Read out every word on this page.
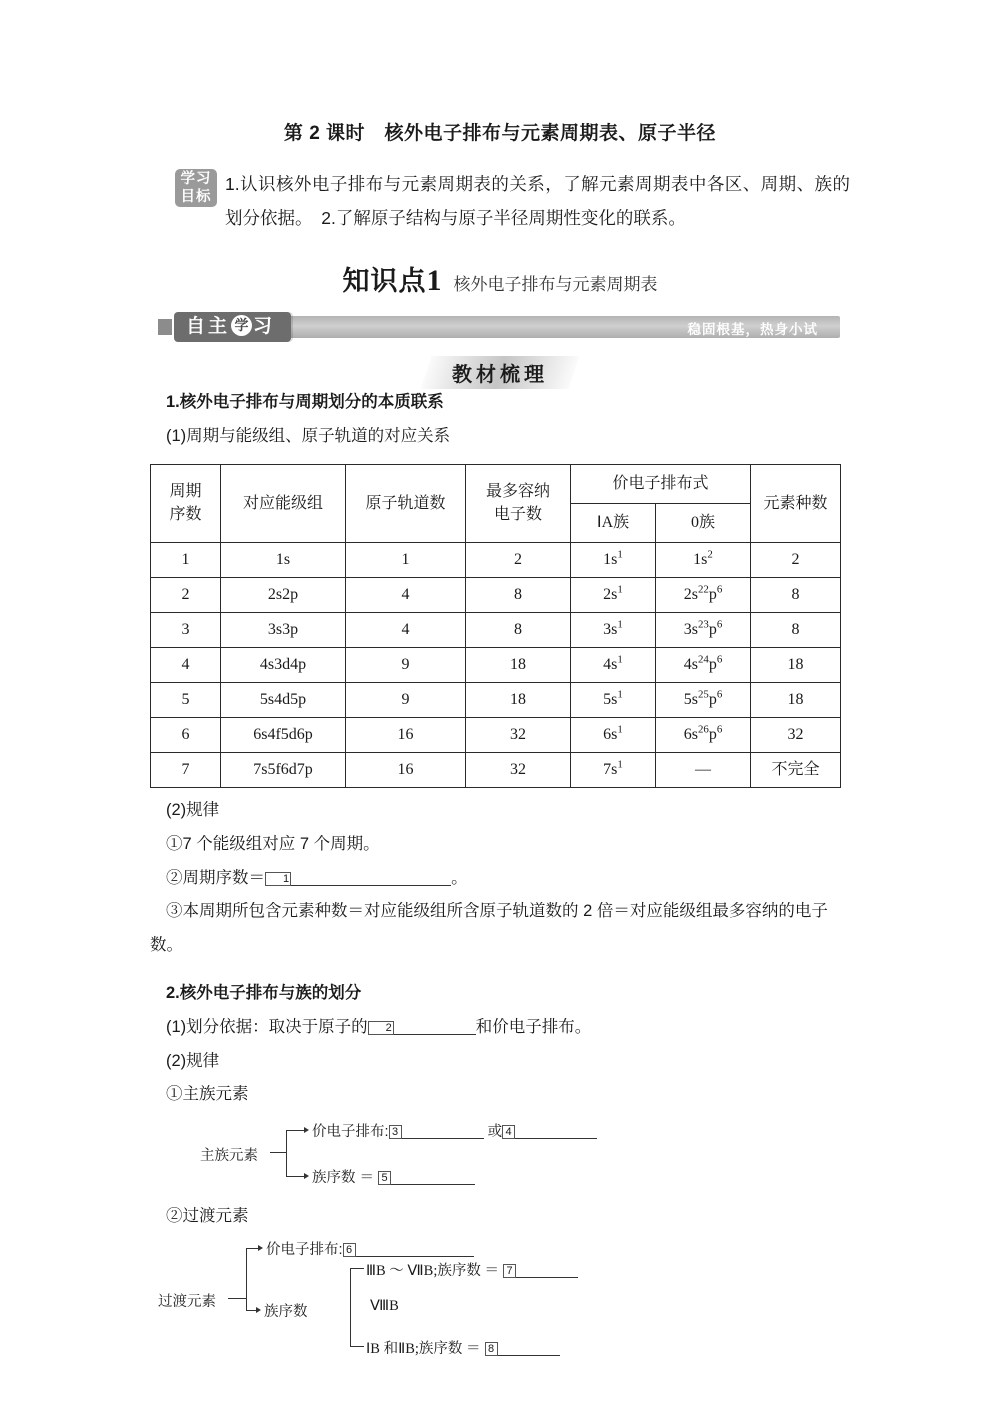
第 2 课时　核外电子排布与元素周期表、原子半径
学习
目标
1.认识核外电子排布与元素周期表的关系，了解元素周期表中各区、周期、族的划分依据。　2.了解原子结构与原子半径周期性变化的联系。
知识点1 核外电子排布与元素周期表
稳固根基，热身小试
自主 学 习
教材梳理

1.核外电子排布与周期划分的本质联系

(1)周期与能级组、原子轨道的对应关系

周期
序数	对应能级组	原子轨道数	最多容纳
电子数	价电子排布式		元素种数
				ⅠA族	0族	
1	1s	1	2	$1s^1$	$1s^2$	2
2	2s2p	4	8	$2s^1$	$2s^{22}p^6$	8
3	3s3p	4	8	$3s^1$	$3s^{23}p^6$	8
4	4s3d4p	9	18	$4s^1$	$4s^{24}p^6$	18
5	5s4d5p	9	18	$5s^1$	$5s^{25}p^6$	18
6	6s4f5d6p	16	32	$6s^1$	$6s^{26}p^6$	32
7	7s5f6d7p	16	32	$7s^1$	—	不完全

(2)规律

①7 个能级组对应 7 个周期。

②周期序数＝ 1	。

③本周期所包含元素种数＝对应能级组所含原子轨道数的 2 倍＝对应能级组最多容纳的电子数。

2.核外电子排布与族的划分

(1)划分依据：取决于原子的 2	和价电子排布。

(2)规律

①主族元素

主族元素
价电子排布: 3	或 4
族序数 ＝ 5

②过渡元素

过渡元素
价电子排布: 6
族序数
ⅢB ～ ⅦB;族序数 ＝ 7
ⅧB
ⅠB 和ⅡB;族序数 ＝ 8
